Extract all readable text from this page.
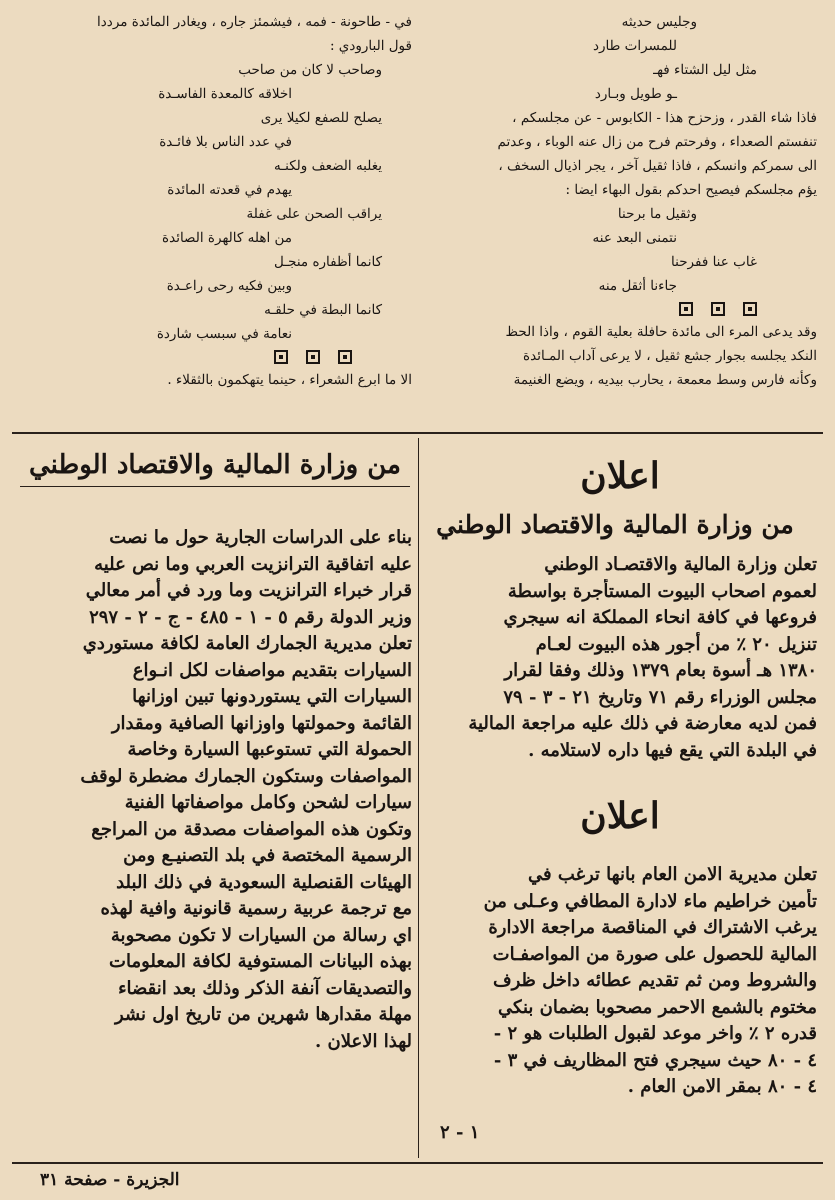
وجليس حديثه
للمسرات طارد
مثل ليل الشتاء فهـ
ـو طويل وبـارد
فاذا شاء القدر ، وزحزح هذا - الكابوس - عن مجلسكم ،
تنفستم الصعداء ، وفرحتم فرح من زال عنه الوباء ، وعدتم
الى سمركم وانسكم ، فاذا ثقيل آخر ، يجر اذيال السخف ،
يؤم مجلسكم فيصيح احدكم بقول البهاء ايضا :
وثقيل ما برحنا
نتمنى البعد عنه
غاب عنا ففرحنا
جاءنا أثقل منه
وقد يدعى المرء الى مائدة حافلة بعلية القوم ، واذا الحظ
النكد يجلسه بجوار جشع ثقيل ، لا يرعى آداب المـائدة
وكأنه فارس وسط معمعة ، يحارب بيديه ، ويضع الغنيمة
في - طاحونة - فمه ، فيشمئز جاره ، ويغادر المائدة مرددا
قول البارودي :
وصاحب لا كان من صاحب
اخلاقه كالمعدة الفاسـدة
يصلح للصفع لكيلا يرى
في عدد الناس بلا فائـدة
يغلبه الضعف ولكنـه
يهدم في قعدته المائدة
يراقب الصحن على غفلة
من اهله كالهرة الصائدة
كانما أظفاره منجـل
وبين فكيه رحى راعـدة
كانما البطة في حلقـه
نعامة في سبسب شاردة
الا ما ابرع الشعراء ، حينما يتهكمون بالثقلاء .
اعلان
من وزارة المالية والاقتصاد الوطني
تعلن وزارة المالية والاقتصـاد الوطني
لعموم اصحاب البيوت المستأجرة بواسطة
فروعها في كافة انحاء المملكة انه سيجري
تنزيل ٢٠ ٪ من أجور هذه البيوت لعـام
١٣٨٠ هـ أسوة بعام ١٣٧٩ وذلك وفقا لقرار
مجلس الوزراء رقم ٧١ وتاريخ ٢١ - ٣ - ٧٩
فمن لديه معارضة في ذلك عليه مراجعة المالية
في البلدة التي يقع فيها داره لاستلامه .
اعلان
تعلن مديرية الامن العام بانها ترغب في
تأمين خراطيم ماء لادارة المطافي وعـلى من
يرغب الاشتراك في المناقصة مراجعة الادارة
المالية للحصول على صورة من المواصفـات
والشروط ومن ثم تقديم عطائه داخل ظرف
مختوم بالشمع الاحمر مصحوبا بضمان بنكي
قدره ٢ ٪ واخر موعد لقبول الطلبات هو ٢ -
٤ - ٨٠ حيث سيجري فتح المظاريف في ٣ -
٤ - ٨٠ بمقر الامن العام .
١ - ٢
من وزارة المالية والاقتصاد الوطني
بناء على الدراسات الجارية حول ما نصت
عليه اتفاقية الترانزيت العربي وما نص عليه
قرار خبراء الترانزيت وما ورد في أمر معالي
وزير الدولة رقم ٥ - ١ - ٤٨٥ - ج - ٢ - ٢٩٧
تعلن مديرية الجمارك العامة لكافة مستوردي
السيارات بتقديم مواصفات لكل انـواع
السيارات التي يستوردونها تبين اوزانها
القائمة وحمولتها واوزانها الصافية ومقدار
الحمولة التي تستوعبها السيارة وخاصة
المواصفات وستكون الجمارك مضطرة لوقف
سيارات لشحن وكامل مواصفاتها الفنية
وتكون هذه المواصفات مصدقة من المراجع
الرسمية المختصة في بلد التصنيـع ومن
الهيئات القنصلية السعودية في ذلك البلد
مع ترجمة عربية رسمية قانونية وافية لهذه
اي رسالة من السيارات لا تكون مصحوبة
بهذه البيانات المستوفية لكافة المعلومات
والتصديقات آنفة الذكر وذلك بعد انقضاء
مهلة مقدارها شهرين من تاريخ اول نشر
لهذا الاعلان .
الجزيرة - صفحة ٣١
